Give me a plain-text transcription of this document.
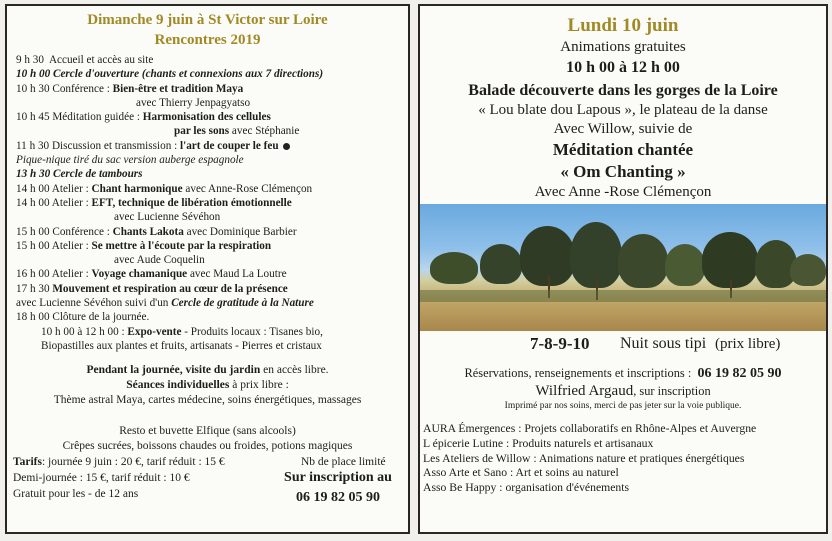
Dimanche 9 juin à St Victor sur Loire
Rencontres 2019
9 h 30 Accueil et accès au site
10 h 00 Cercle d'ouverture (chants et connexions aux 7 directions)
10 h 30 Conférence : Bien-être et tradition Maya
avec Thierry Jenpagyatso
10 h 45 Méditation guidée : Harmonisation des cellules
par les sons avec Stéphanie
11 h 30 Discussion et transmission : l'art de couper le feu
Pique-nique tiré du sac version auberge espagnole
13 h 30 Cercle de tambours
14 h 00 Atelier : Chant harmonique avec Anne-Rose Clémençon
14 h 00 Atelier : EFT, technique de libération émotionnelle
avec Lucienne Sévéhon
15 h 00 Conférence : Chants Lakota avec Dominique Barbier
15 h 00 Atelier : Se mettre à l'écoute par la respiration
avec Aude Coquelin
16 h 00 Atelier : Voyage chamanique avec Maud La Loutre
17 h 30 Mouvement et respiration au cœur de la présence
avec Lucienne Sévéhon suivi d'un Cercle de gratitude à la Nature
18 h 00 Clôture de la journée.
10 h 00 à 12 h 00 : Expo-vente - Produits locaux : Tisanes bio,
Biopastilles aux plantes et fruits, artisanats - Pierres et cristaux
Pendant la journée, visite du jardin en accès libre.
Séances individuelles à prix libre :
Thème astral Maya, cartes médecine, soins énergétiques, massages
Resto et buvette Elfique (sans alcools)
Crêpes sucrées, boissons chaudes ou froides, potions magiques
Tarifs: journée 9 juin : 20 €, tarif réduit : 15 €	Nb de place limité
Demi-journée : 15 €, tarif réduit : 10 €
Gratuit pour les - de 12 ans
Sur inscription au
06 19 82 05 90
Lundi 10 juin
Animations gratuites
10 h 00 à 12 h 00
Balade découverte dans les gorges de la Loire
« Lou blate dou Lapous », le plateau de la danse
Avec Willow, suivie de
Méditation chantée
« Om Chanting »
Avec Anne -Rose Clémençon
7-8-9-10 Nuit sous tipi (prix libre)
Réservations, renseignements et inscriptions : 06 19 82 05 90
Wilfried Argaud, sur inscription
Imprimé par nos soins, merci de pas jeter sur la voie publique.
AURA Émergences : Projets collaboratifs en Rhône-Alpes et Auvergne
L épicerie Lutine : Produits naturels et artisanaux
Les Ateliers de Willow : Animations nature et pratiques énergétiques
Asso Arte et Sano : Art et soins au naturel
Asso Be Happy : organisation d'événements
